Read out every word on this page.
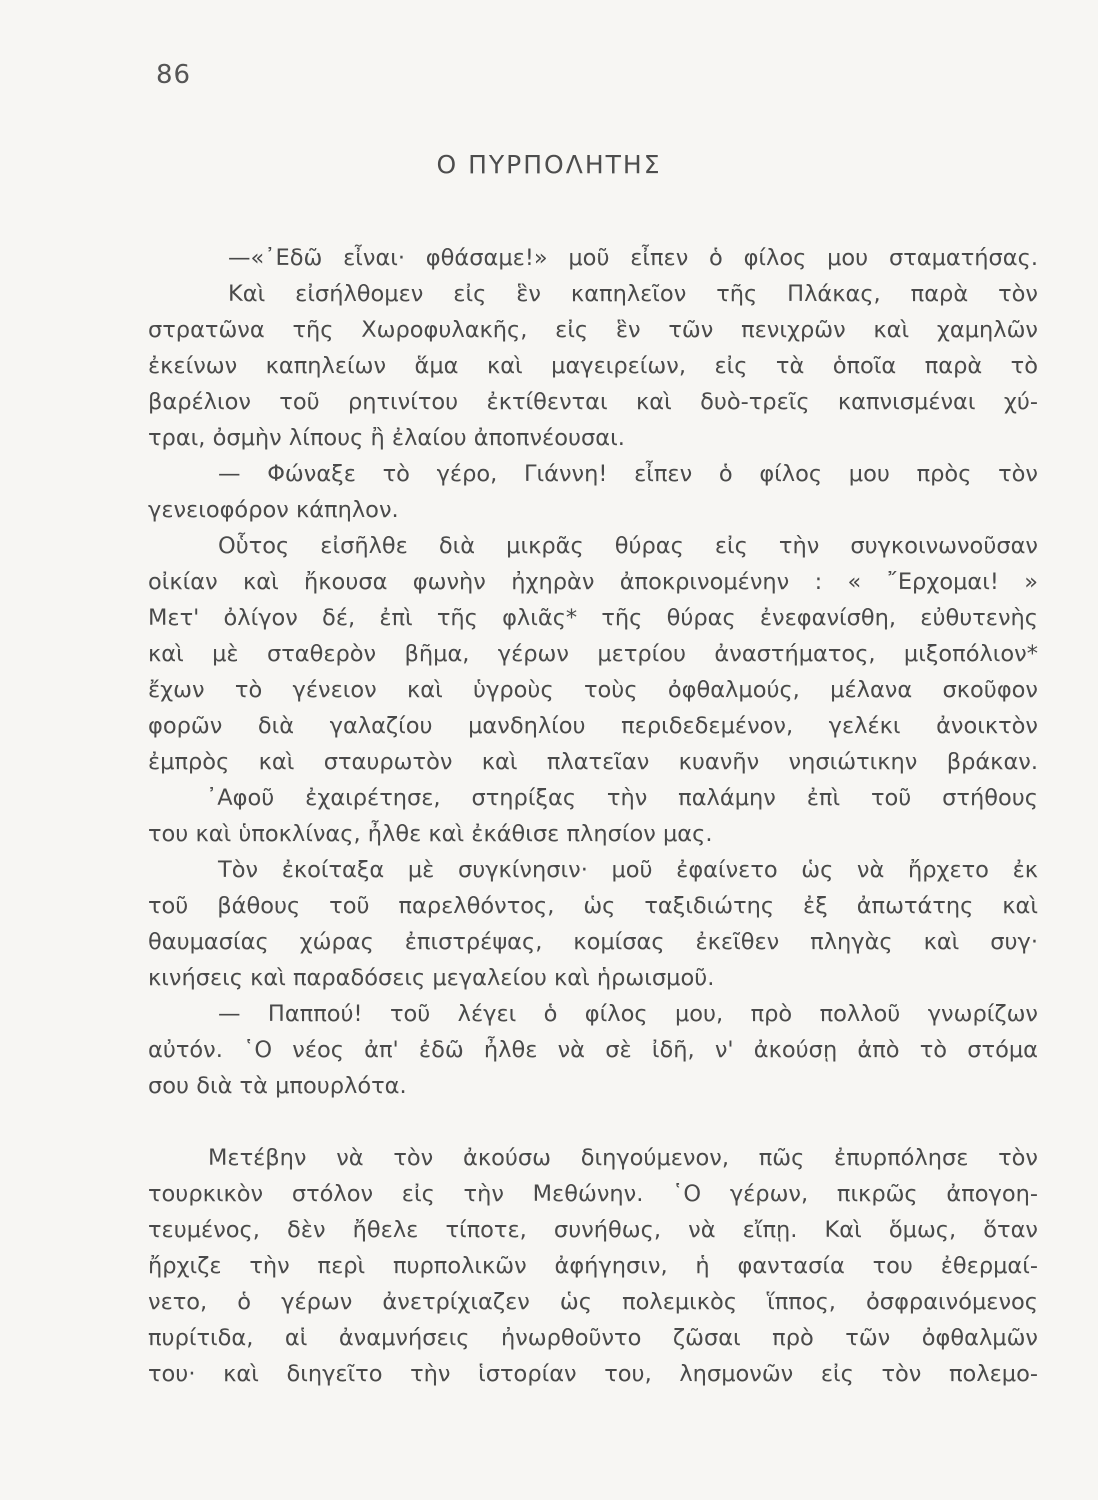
86
Ο ΠΥΡΠΟΛΗΤΗΣ
—«᾿Εδῶ εἶναι· φθάσαμε!» μοῦ εἶπεν ὁ φίλος μου σταματήσας.
Καὶ εἰσήλθομεν εἰς ἓν καπηλεῖον τῆς Πλάκας, παρὰ τὸν
στρατῶνα τῆς Χωροφυλακῆς, εἰς ἓν τῶν πενιχρῶν καὶ χαμηλῶν
ἐκείνων καπηλείων ἅμα καὶ μαγειρείων, εἰς τὰ ὁποῖα παρὰ τὸ
βαρέλιον τοῦ ρητινίτου ἐκτίθενται καὶ δυὸ-τρεῖς καπνισμέναι χύ-
τραι, ὀσμὴν λίπους ἢ ἐλαίου ἀποπνέουσαι.
— Φώναξε τὸ γέρο, Γιάννη! εἶπεν ὁ φίλος μου πρὸς τὸν
γενειοφόρον κάπηλον.
Οὗτος εἰσῆλθε διὰ μικρᾶς θύρας εἰς τὴν συγκοινωνοῦσαν
οἰκίαν καὶ ἤκουσα φωνὴν ἠχηρὰν ἀποκρινομένην : « ῎Ερχομαι! »
Μετ' ὀλίγον δέ, ἐπὶ τῆς φλιᾶς* τῆς θύρας ἐνεφανίσθη, εὐθυτενὴς
καὶ μὲ σταθερὸν βῆμα, γέρων μετρίου ἀναστήματος, μιξοπόλιον*
ἔχων τὸ γένειον καὶ ὑγροὺς τοὺς ὀφθαλμούς, μέλανα σκοῦφον
φορῶν διὰ γαλαζίου μανδηλίου περιδεδεμένον, γελέκι ἀνοικτὸν
ἐμπρὸς καὶ σταυρωτὸν καὶ πλατεῖαν κυανῆν νησιώτικην βράκαν.
᾿Αφοῦ ἐχαιρέτησε, στηρίξας τὴν παλάμην ἐπὶ τοῦ στήθους
του καὶ ὑποκλίνας, ἦλθε καὶ ἐκάθισε πλησίον μας.
Τὸν ἐκοίταξα μὲ συγκίνησιν· μοῦ ἐφαίνετο ὡς νὰ ἤρχετο ἐκ
τοῦ βάθους τοῦ παρελθόντος, ὡς ταξιδιώτης ἐξ ἀπωτάτης καὶ
θαυμασίας χώρας ἐπιστρέψας, κομίσας ἐκεῖθεν πληγὰς καὶ συγ·
κινήσεις καὶ παραδόσεις μεγαλείου καὶ ἡρωισμοῦ.
— Παππού! τοῦ λέγει ὁ φίλος μου, πρὸ πολλοῦ γνωρίζων
αὐτόν. ῾Ο νέος ἀπ' ἐδῶ ἦλθε νὰ σὲ ἰδῆ, ν' ἀκούσῃ ἀπὸ τὸ στόμα
σου διὰ τὰ μπουρλότα.
Μετέβην νὰ τὸν ἀκούσω διηγούμενον, πῶς ἐπυρπόλησε τὸν
τουρκικὸν στόλον εἰς τὴν Μεθώνην. ῾Ο γέρων, πικρῶς ἀπογοη-
τευμένος, δὲν ἤθελε τίποτε, συνήθως, νὰ εἴπῃ. Καὶ ὅμως, ὅταν
ἤρχιζε τὴν περὶ πυρπολικῶν ἀφήγησιν, ἡ φαντασία του ἐθερμαί-
νετο, ὁ γέρων ἀνετρίχιαζεν ὡς πολεμικὸς ἵππος, ὀσφραινόμενος
πυρίτιδα, αἱ ἀναμνήσεις ἠνωρθοῦντο ζῶσαι πρὸ τῶν ὀφθαλμῶν
του· καὶ διηγεῖτο τὴν ἱστορίαν του, λησμονῶν εἰς τὸν πολεμο-
